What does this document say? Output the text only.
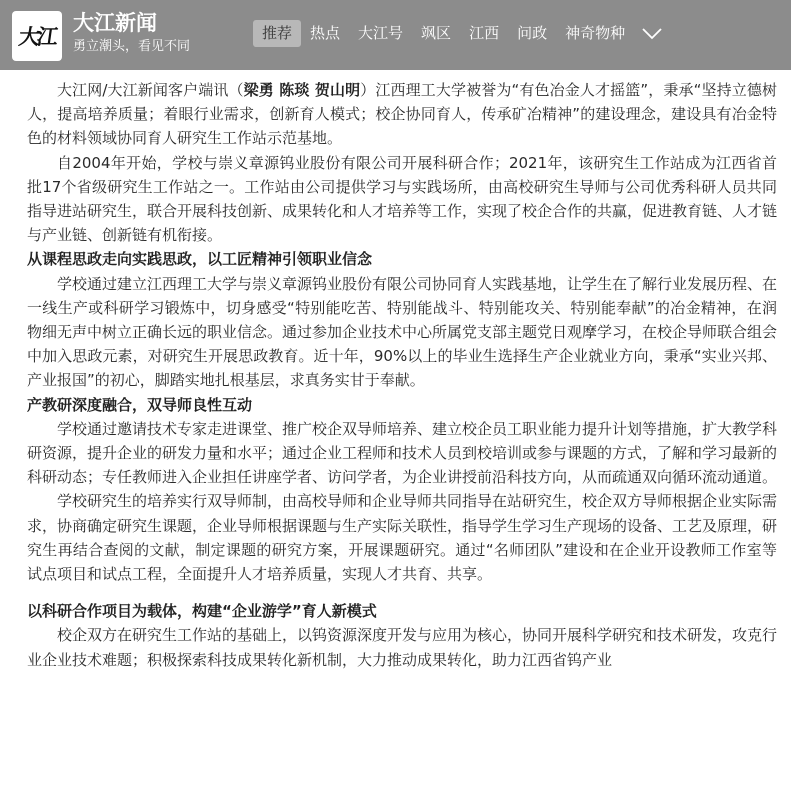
大江
大江新闻
勇立潮头，看见不同
推荐	热点	大江号	飒区	江西	问政	神奇物种

大江网/大江新闻客户端讯（梁勇 陈琰 贺山明）江西理工大学被誉为“有色冶金人才摇篮”，秉承“坚持立德树人，提高培养质量；着眼行业需求，创新育人模式；校企协同育人，传承矿冶精神”的建设理念，建设具有冶金特色的材料领域协同育人研究生工作站示范基地。

自2004年开始，学校与崇义章源钨业股份有限公司开展科研合作；2021年，该研究生工作站成为江西省首批17个省级研究生工作站之一。工作站由公司提供学习与实践场所，由高校研究生导师与公司优秀科研人员共同指导进站研究生，联合开展科技创新、成果转化和人才培养等工作，实现了校企合作的共赢，促进教育链、人才链与产业链、创新链有机衔接。

从课程思政走向实践思政，以工匠精神引领职业信念

学校通过建立江西理工大学与崇义章源钨业股份有限公司协同育人实践基地，让学生在了解行业发展历程、在一线生产或科研学习锻炼中，切身感受“特别能吃苦、特别能战斗、特别能攻关、特别能奉献”的冶金精神，在润物细无声中树立正确长远的职业信念。通过参加企业技术中心所属党支部主题党日观摩学习，在校企导师联合组会中加入思政元素，对研究生开展思政教育。近十年，90%以上的毕业生选择生产企业就业方向，秉承“实业兴邦、产业报国”的初心，脚踏实地扎根基层，求真务实甘于奉献。

产教研深度融合，双导师良性互动

学校通过邀请技术专家走进课堂、推广校企双导师培养、建立校企员工职业能力提升计划等措施，扩大教学科研资源，提升企业的研发力量和水平；通过企业工程师和技术人员到校培训或参与课题的方式，了解和学习最新的科研动态；专任教师进入企业担任讲座学者、访问学者，为企业讲授前沿科技方向，从而疏通双向循环流动通道。

学校研究生的培养实行双导师制，由高校导师和企业导师共同指导在站研究生，校企双方导师根据企业实际需求，协商确定研究生课题，企业导师根据课题与生产实际关联性，指导学生学习生产现场的设备、工艺及原理，研究生再结合查阅的文献，制定课题的研究方案，开展课题研究。通过“名师团队”建设和在企业开设教师工作室等试点项目和试点工程，全面提升人才培养质量，实现人才共育、共享。

以科研合作项目为载体，构建“企业游学”育人新模式

校企双方在研究生工作站的基础上，以钨资源深度开发与应用为核心，协同开展科学研究和技术研发，攻克行业企业技术难题；积极探索科技成果转化新机制，大力推动成果转化，助力江西省钨产业
